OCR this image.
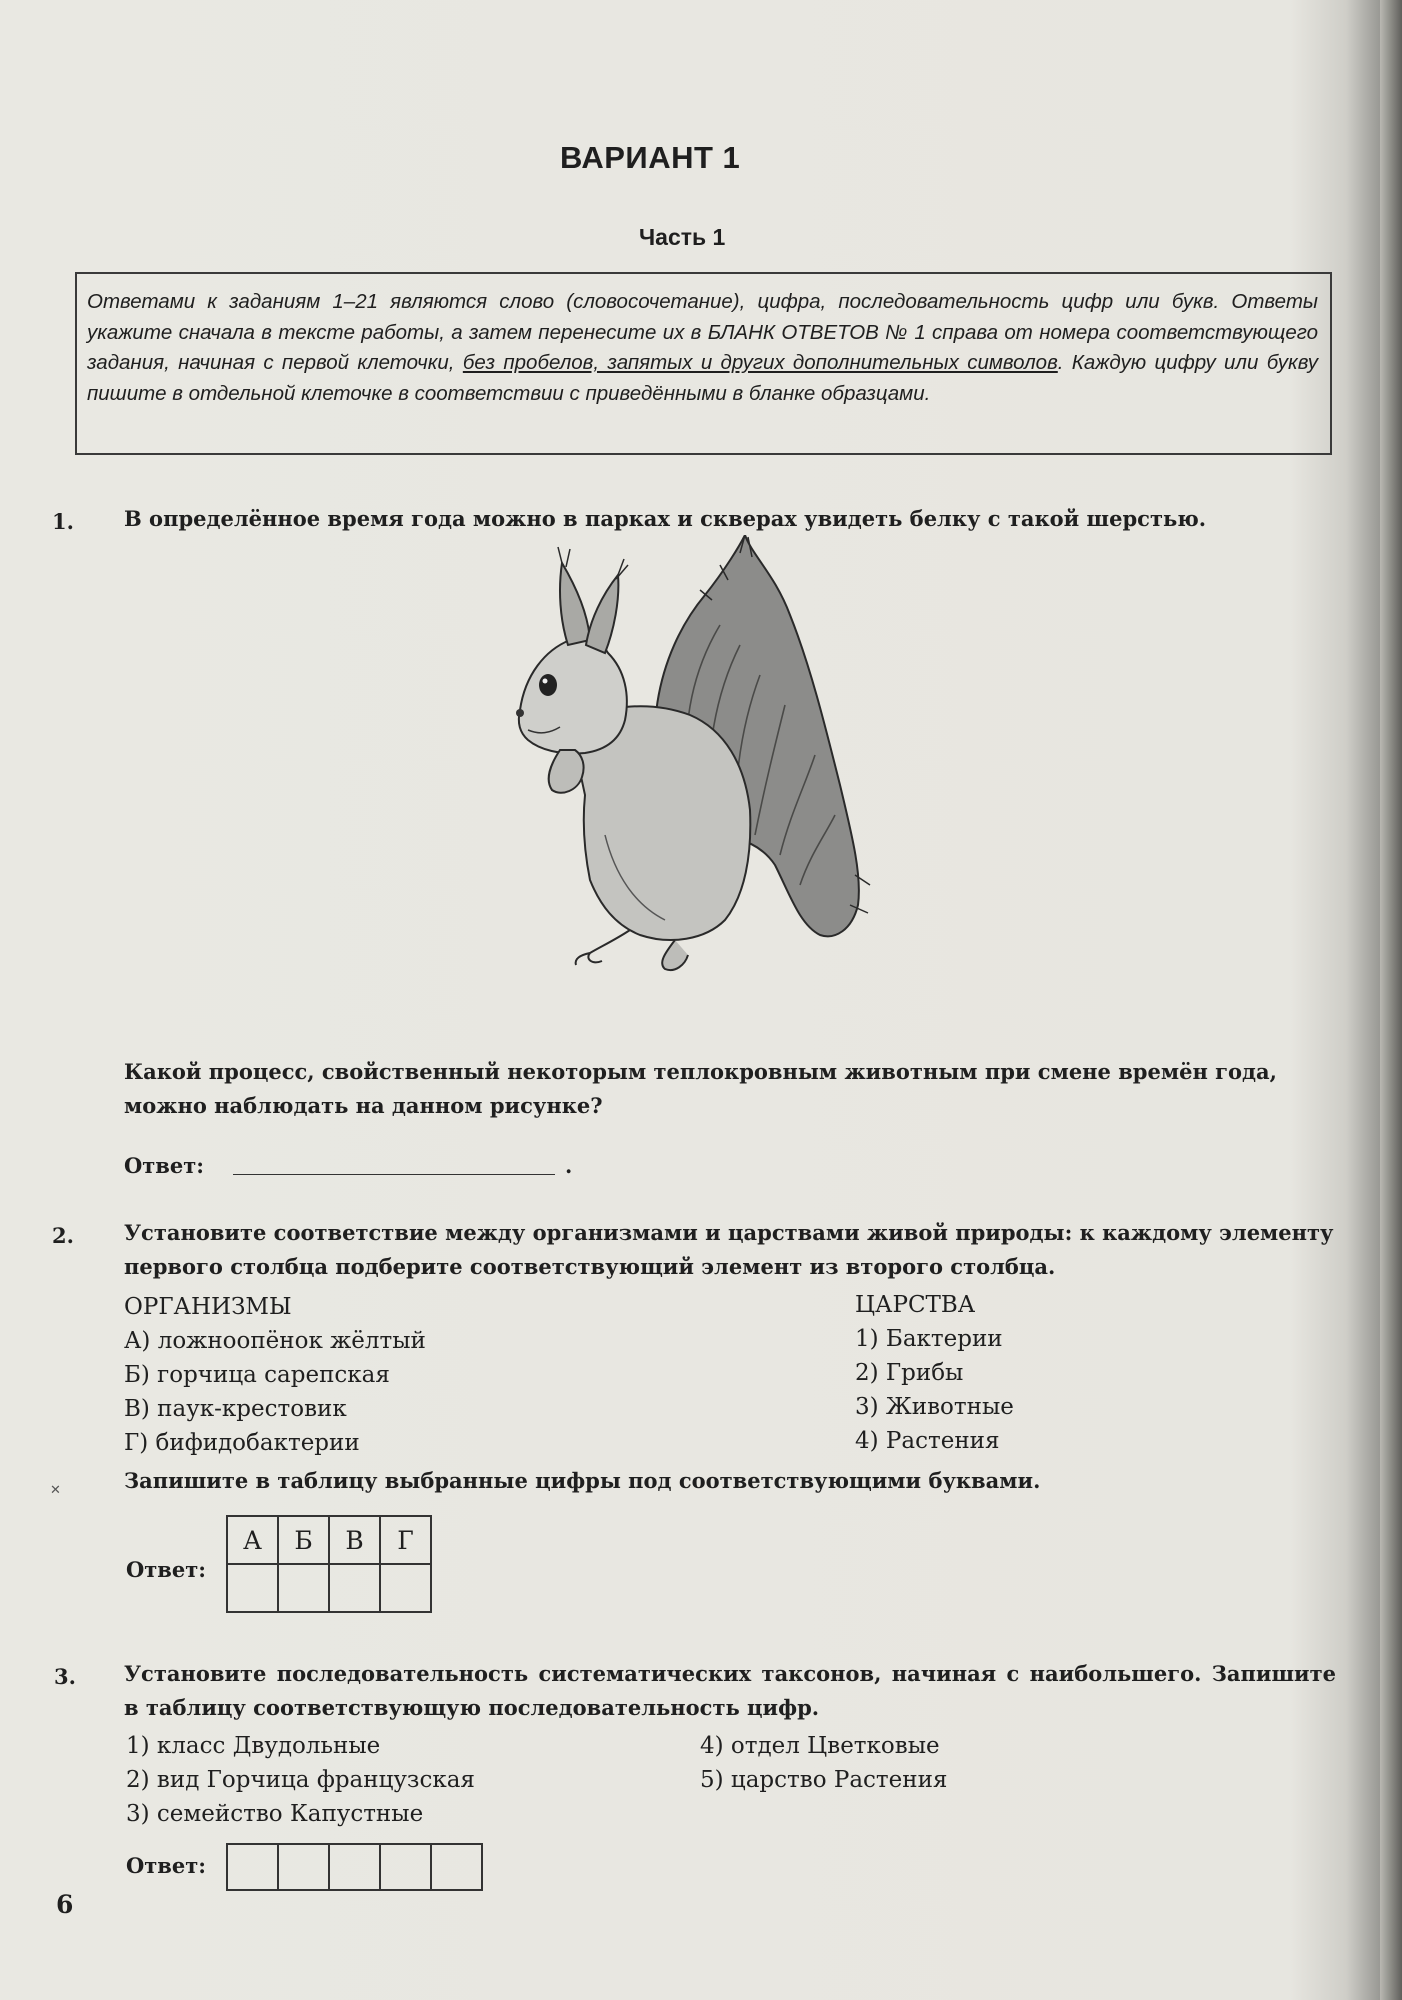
ВАРИАНТ 1
Часть 1
Ответами к заданиям 1–21 являются слово (словосочетание), цифра, последовательность цифр или букв. Ответы укажите сначала в тексте работы, а затем перенесите их в БЛАНК ОТВЕТОВ № 1 справа от номера соответствующего задания, начиная с первой клеточки, без пробелов, запятых и других дополнительных символов. Каждую цифру или букву пишите в отдельной клеточке в соответствии с приведёнными в бланке образцами.
1. В определённое время года можно в парках и скверах увидеть белку с такой шерстью.
Какой процесс, свойственный некоторым теплокровным животным при смене времён года, можно наблюдать на данном рисунке?
Ответ:	.
2. Установите соответствие между организмами и царствами живой природы: к каждому элементу первого столбца подберите соответствующий элемент из второго столбца.
ОРГАНИЗМЫ
А) ложноопёнок жёлтый
Б) горчица сарепская
В) паук-крестовик
Г) бифидобактерии
ЦАРСТВА
1) Бактерии
2) Грибы
3) Животные
4) Растения
Запишите в таблицу выбранные цифры под соответствующими буквами.
Ответ:
А	Б	В	Г

3. Установите последовательность систематических таксонов, начиная с наибольшего. Запишите в таблицу соответствующую последовательность цифр.
1) класс Двудольные
2) вид Горчица французская
3) семейство Капустные
4) отдел Цветковые
5) царство Растения
Ответ:

✕
6
